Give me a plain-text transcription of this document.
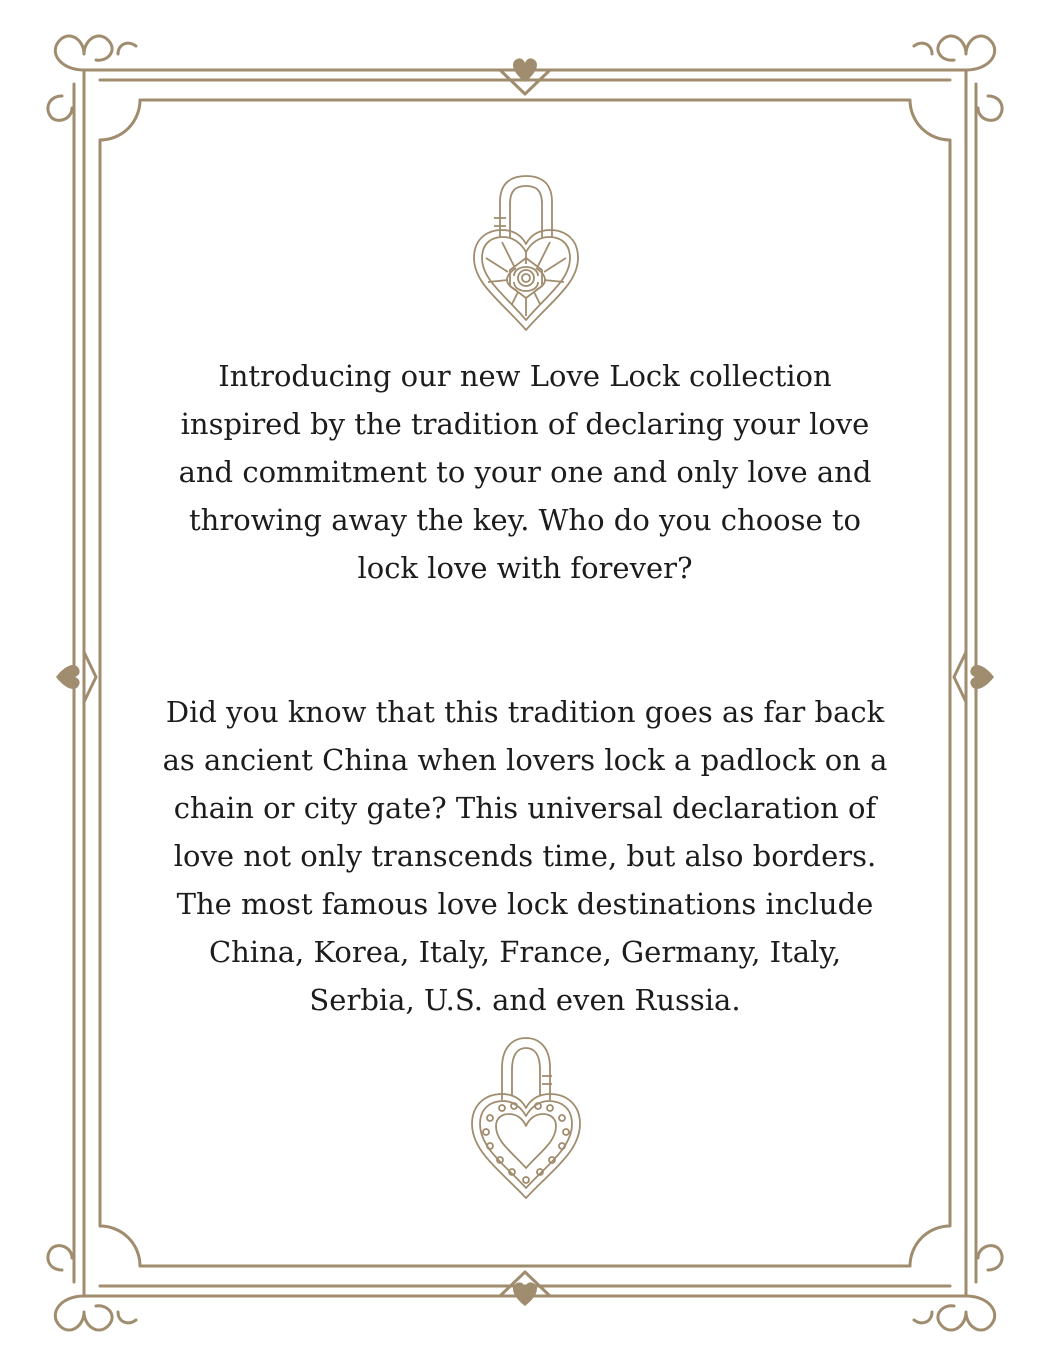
Introducing our new Love Lock collection
inspired by the tradition of declaring your love
and commitment to your one and only love and
throwing away the key. Who do you choose to
lock love with forever?

Did you know that this tradition goes as far back
as ancient China when lovers lock a padlock on a
chain or city gate? This universal declaration of
love not only transcends time, but also borders.
The most famous love lock destinations include
China, Korea, Italy, France, Germany, Italy,
Serbia, U.S. and even Russia.
